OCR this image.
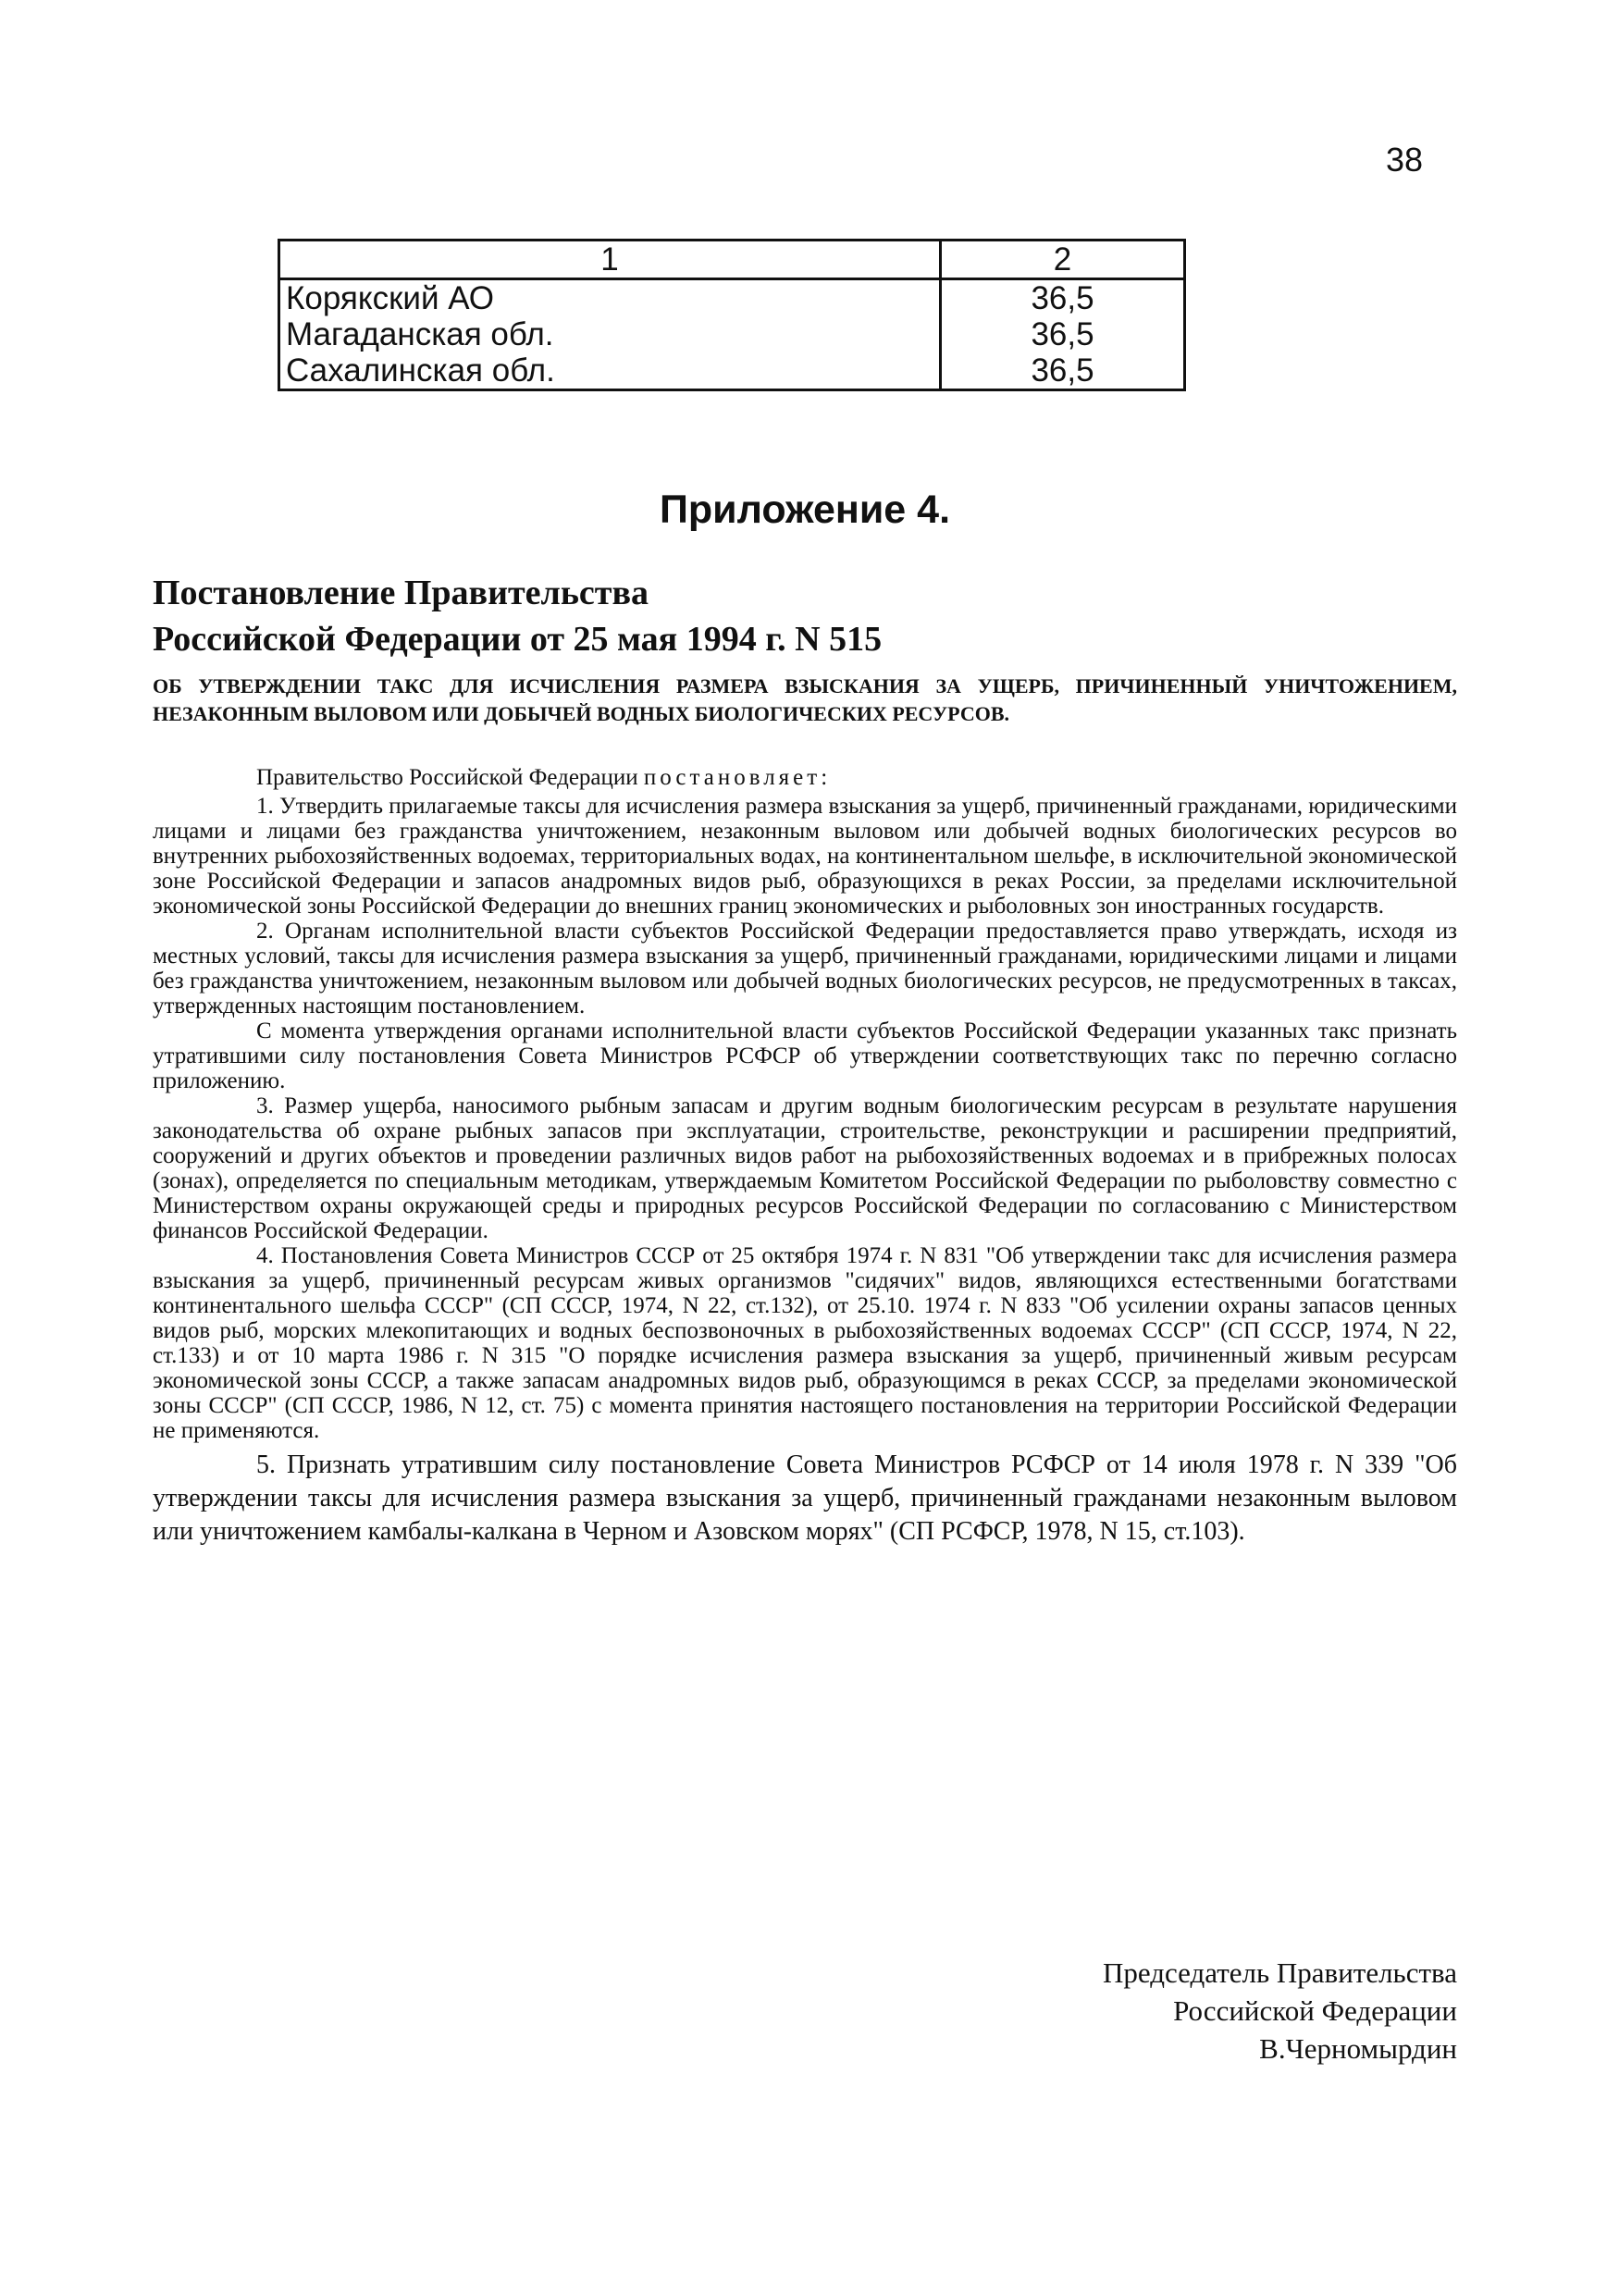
38
1	2
Корякский АО	36,5
Магаданская обл.	36,5
Сахалинская обл.	36,5
Приложение 4.
Постановление Правительства
Российской Федерации от 25 мая 1994 г. N 515
ОБ УТВЕРЖДЕНИИ ТАКС ДЛЯ ИСЧИСЛЕНИЯ РАЗМЕРА ВЗЫСКАНИЯ ЗА УЩЕРБ, ПРИЧИНЕННЫЙ УНИЧТОЖЕНИЕМ, НЕЗАКОННЫМ ВЫЛОВОМ ИЛИ ДОБЫЧЕЙ ВОДНЫХ БИОЛОГИЧЕСКИХ РЕСУРСОВ.

Правительство Российской Федерации постановляет:

1. Утвердить прилагаемые таксы для исчисления размера взыскания за ущерб, причиненный гражданами, юридическими лицами и лицами без гражданства уничтожением, незаконным выловом или добычей водных биологических ресурсов во внутренних рыбохозяйственных водоемах, территориальных водах, на континентальном шельфе, в исключительной экономической зоне Российской Федерации и запасов анадромных видов рыб, образующихся в реках России, за пределами исключительной экономической зоны Российской Федерации до внешних границ экономических и рыболовных зон иностранных государств.

2. Органам исполнительной власти субъектов Российской Федерации предоставляется право утверждать, исходя из местных условий, таксы для исчисления размера взыскания за ущерб, причиненный гражданами, юридическими лицами и лицами без гражданства уничтожением, незаконным выловом или добычей водных биологических ресурсов, не предусмотренных в таксах, утвержденных настоящим постановлением.

С момента утверждения органами исполнительной власти субъектов Российской Федерации указанных такс признать утратившими силу постановления Совета Министров РСФСР об утверждении соответствующих такс по перечню согласно приложению.

3. Размер ущерба, наносимого рыбным запасам и другим водным биологическим ресурсам в результате нарушения законодательства об охране рыбных запасов при эксплуатации, строительстве, реконструкции и расширении предприятий, сооружений и других объектов и проведении различных видов работ на рыбохозяйственных водоемах и в прибрежных полосах (зонах), определяется по специальным методикам, утверждаемым Комитетом Российской Федерации по рыболовству совместно с Министерством охраны окружающей среды и природных ресурсов Российской Федерации по согласованию с Министерством финансов Российской Федерации.

4. Постановления Совета Министров СССР от 25 октября 1974 г. N 831 "Об утверждении такс для исчисления размера взыскания за ущерб, причиненный ресурсам живых организмов "сидячих" видов, являющихся естественными богатствами континентального шельфа СССР" (СП СССР, 1974, N 22, ст.132), от 25.10. 1974 г. N 833 "Об усилении охраны запасов ценных видов рыб, морских млекопитающих и водных беспозвоночных в рыбохозяйственных водоемах СССР" (СП СССР, 1974, N 22, ст.133) и от 10 марта 1986 г. N 315 "О порядке исчисления размера взыскания за ущерб, причиненный живым ресурсам экономической зоны СССР, а также запасам анадромных видов рыб, образующимся в реках СССР, за пределами экономической зоны СССР" (СП СССР, 1986, N 12, ст. 75) с момента принятия настоящего постановления на территории Российской Федерации не применяются.

5. Признать утратившим силу постановление Совета Министров РСФСР от 14 июля 1978 г. N 339 "Об утверждении таксы для исчисления размера взыскания за ущерб, причиненный гражданами незаконным выловом или уничтожением камбалы-калкана в Черном и Азовском морях" (СП РСФСР, 1978, N 15, ст.103).

Председатель Правительства
Российской Федерации
В.Черномырдин
